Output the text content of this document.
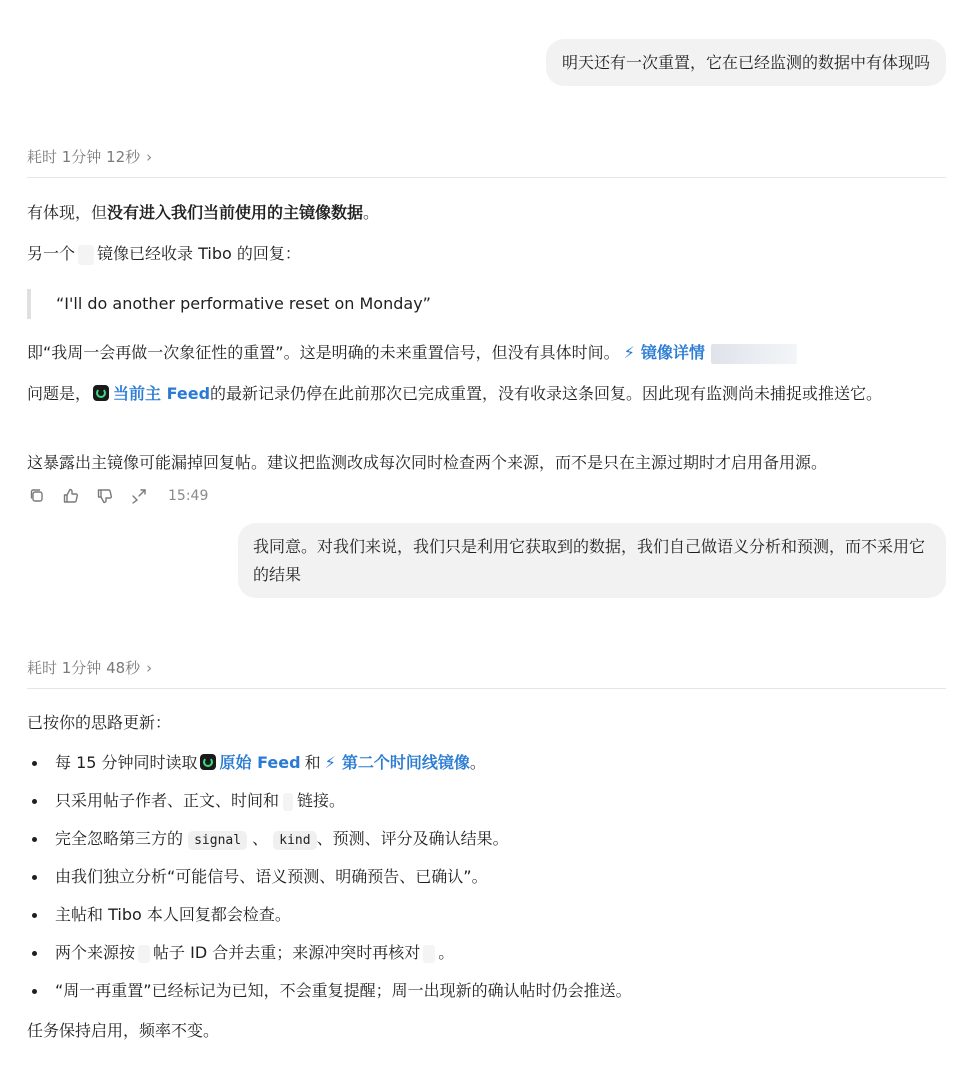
明天还有一次重置，它在已经监测的数据中有体现吗
耗时 1分钟 12秒 ›
有体现，但没有进入我们当前使用的主镜像数据。
另一个 镜像已经收录 Tibo 的回复：
“I'll do another performative reset on Monday”
即“我周一会再做一次象征性的重置”。这是明确的未来重置信号，但没有具体时间。 ⚡ 镜像详情
问题是， 当前主 Feed的最新记录仍停在此前那次已完成重置，没有收录这条回复。因此现有监测尚未捕捉或推送它。
这暴露出主镜像可能漏掉回复帖。建议把监测改成每次同时检查两个来源，而不是只在主源过期时才启用备用源。
15:49
我同意。对我们来说，我们只是利用它获取到的数据，我们自己做语义分析和预测，而不采用它的结果
耗时 1分钟 48秒 ›
已按你的思路更新：
每 15 分钟同时读取 原始 Feed 和 ⚡ 第二个时间线镜像。
只采用帖子作者、正文、时间和 链接。
完全忽略第三方的 signal 、 kind 、预测、评分及确认结果。
由我们独立分析“可能信号、语义预测、明确预告、已确认”。
主帖和 Tibo 本人回复都会检查。
两个来源按 帖子 ID 合并去重；来源冲突时再核对 。
“周一再重置”已经标记为已知，不会重复提醒；周一出现新的确认帖时仍会推送。
任务保持启用，频率不变。
